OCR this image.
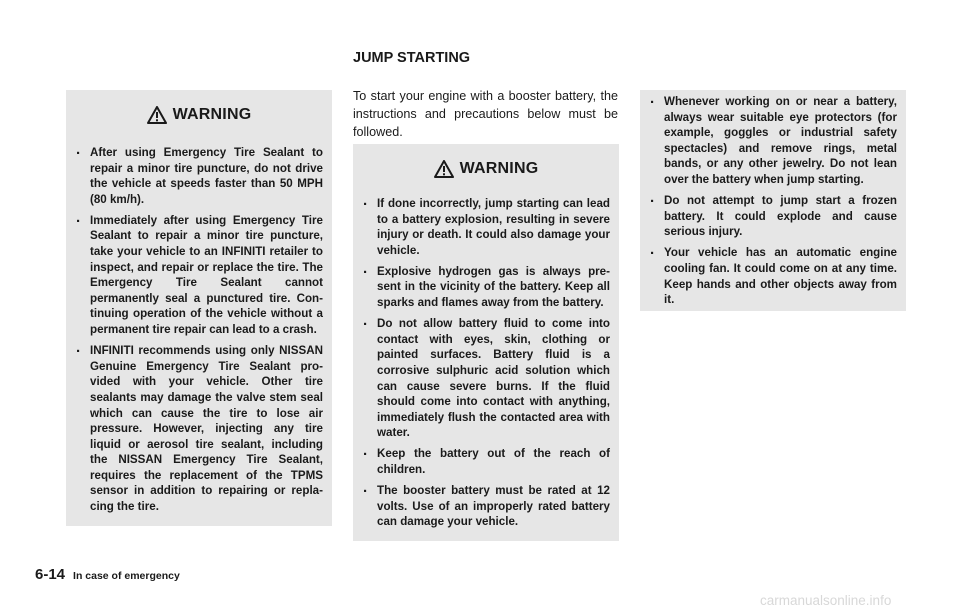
WARNING
. After using Emergency Tire Sealant to repair a minor tire puncture, do not drive the vehicle at speeds faster than 50 MPH (80 km/h).
. Immediately after using Emergency Tire Sealant to repair a minor tire puncture, take your vehicle to an INFINITI retailer to inspect, and repair or replace the tire. The Emergency Tire Sealant cannot permanently seal a punctured tire. Con-tinuing operation of the vehicle without a permanent tire repair can lead to a crash.
. INFINITI recommends using only NISSAN Genuine Emergency Tire Sealant pro-vided with your vehicle. Other tire sealants may damage the valve stem seal which can cause the tire to lose air pressure. However, injecting any tire liquid or aerosol tire sealant, including the NISSAN Emergency Tire Sealant, requires the replacement of the TPMS sensor in addition to repairing or repla-cing the tire.
JUMP STARTING
To start your engine with a booster battery, the instructions and precautions below must be followed.
WARNING
. If done incorrectly, jump starting can lead to a battery explosion, resulting in severe injury or death. It could also damage your vehicle.
. Explosive hydrogen gas is always pre-sent in the vicinity of the battery. Keep all sparks and flames away from the battery.
. Do not allow battery fluid to come into contact with eyes, skin, clothing or painted surfaces. Battery fluid is a corrosive sulphuric acid solution which can cause severe burns. If the fluid should come into contact with anything, immediately flush the contacted area with water.
. Keep the battery out of the reach of children.
. The booster battery must be rated at 12 volts. Use of an improperly rated battery can damage your vehicle.
. Whenever working on or near a battery, always wear suitable eye protectors (for example, goggles or industrial safety spectacles) and remove rings, metal bands, or any other jewelry. Do not lean over the battery when jump starting.
. Do not attempt to jump start a frozen battery. It could explode and cause serious injury.
. Your vehicle has an automatic engine cooling fan. It could come on at any time. Keep hands and other objects away from it.
6-14 In case of emergency
carmanualsonline.info
